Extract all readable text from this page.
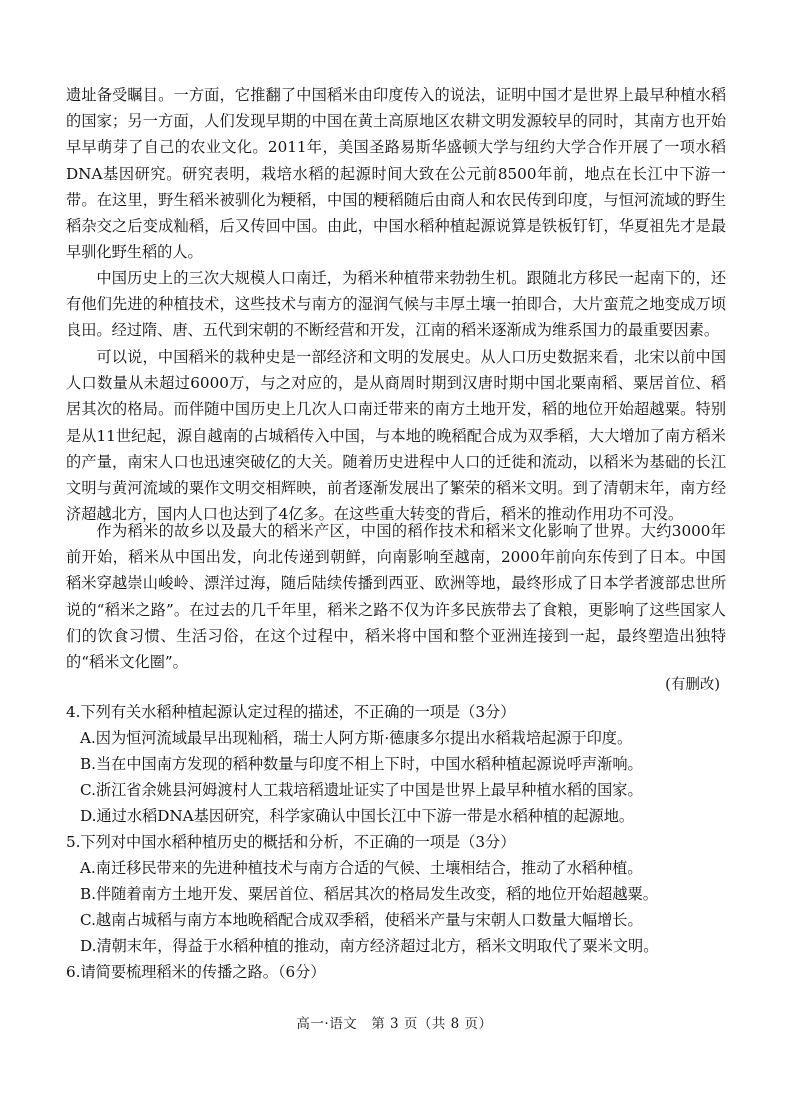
遗址备受瞩目。一方面，它推翻了中国稻米由印度传入的说法，证明中国才是世界上最早种植水稻的国家；另一方面，人们发现早期的中国在黄土高原地区农耕文明发源较早的同时，其南方也开始早早萌芽了自己的农业文化。2011年，美国圣路易斯华盛顿大学与纽约大学合作开展了一项水稻DNA基因研究。研究表明，栽培水稻的起源时间大致在公元前8500年前，地点在长江中下游一带。在这里，野生稻米被驯化为粳稻，中国的粳稻随后由商人和农民传到印度，与恒河流域的野生稻杂交之后变成籼稻，后又传回中国。由此，中国水稻种植起源说算是铁板钉钉，华夏祖先才是最早驯化野生稻的人。

中国历史上的三次大规模人口南迁，为稻米种植带来勃勃生机。跟随北方移民一起南下的，还有他们先进的种植技术，这些技术与南方的湿润气候与丰厚土壤一拍即合，大片蛮荒之地变成万顷良田。经过隋、唐、五代到宋朝的不断经营和开发，江南的稻米逐渐成为维系国力的最重要因素。

可以说，中国稻米的栽种史是一部经济和文明的发展史。从人口历史数据来看，北宋以前中国人口数量从未超过6000万，与之对应的，是从商周时期到汉唐时期中国北粟南稻、粟居首位、稻居其次的格局。而伴随中国历史上几次人口南迁带来的南方土地开发，稻的地位开始超越粟。特别是从11世纪起，源自越南的占城稻传入中国，与本地的晚稻配合成为双季稻，大大增加了南方稻米的产量，南宋人口也迅速突破亿的大关。随着历史进程中人口的迁徙和流动，以稻米为基础的长江文明与黄河流域的粟作文明交相辉映，前者逐渐发展出了繁荣的稻米文明。到了清朝末年，南方经济超越北方，国内人口也达到了4亿多。在这些重大转变的背后，稻米的推动作用功不可没。

作为稻米的故乡以及最大的稻米产区，中国的稻作技术和稻米文化影响了世界。大约3000年前开始，稻米从中国出发，向北传递到朝鲜，向南影响至越南，2000年前向东传到了日本。中国稻米穿越崇山峻岭、漂洋过海，随后陆续传播到西亚、欧洲等地，最终形成了日本学者渡部忠世所说的“稻米之路”。在过去的几千年里，稻米之路不仅为许多民族带去了食粮，更影响了这些国家人们的饮食习惯、生活习俗，在这个过程中，稻米将中国和整个亚洲连接到一起，最终塑造出独特的“稻米文化圈”。

(有删改)

4.下列有关水稻种植起源认定过程的描述，不正确的一项是（3分）

A.因为恒河流域最早出现籼稻，瑞士人阿方斯·德康多尔提出水稻栽培起源于印度。

B.当在中国南方发现的稻种数量与印度不相上下时，中国水稻种植起源说呼声渐响。

C.浙江省余姚县河姆渡村人工栽培稻遗址证实了中国是世界上最早种植水稻的国家。

D.通过水稻DNA基因研究，科学家确认中国长江中下游一带是水稻种植的起源地。

5.下列对中国水稻种植历史的概括和分析，不正确的一项是（3分）

A.南迁移民带来的先进种植技术与南方合适的气候、土壤相结合，推动了水稻种植。

B.伴随着南方土地开发、粟居首位、稻居其次的格局发生改变，稻的地位开始超越粟。

C.越南占城稻与南方本地晚稻配合成双季稻，使稻米产量与宋朝人口数量大幅增长。

D.清朝末年，得益于水稻种植的推动，南方经济超过北方，稻米文明取代了粟米文明。

6.请简要梳理稻米的传播之路。（6分）

高一·语文　第 3 页（共 8 页）
